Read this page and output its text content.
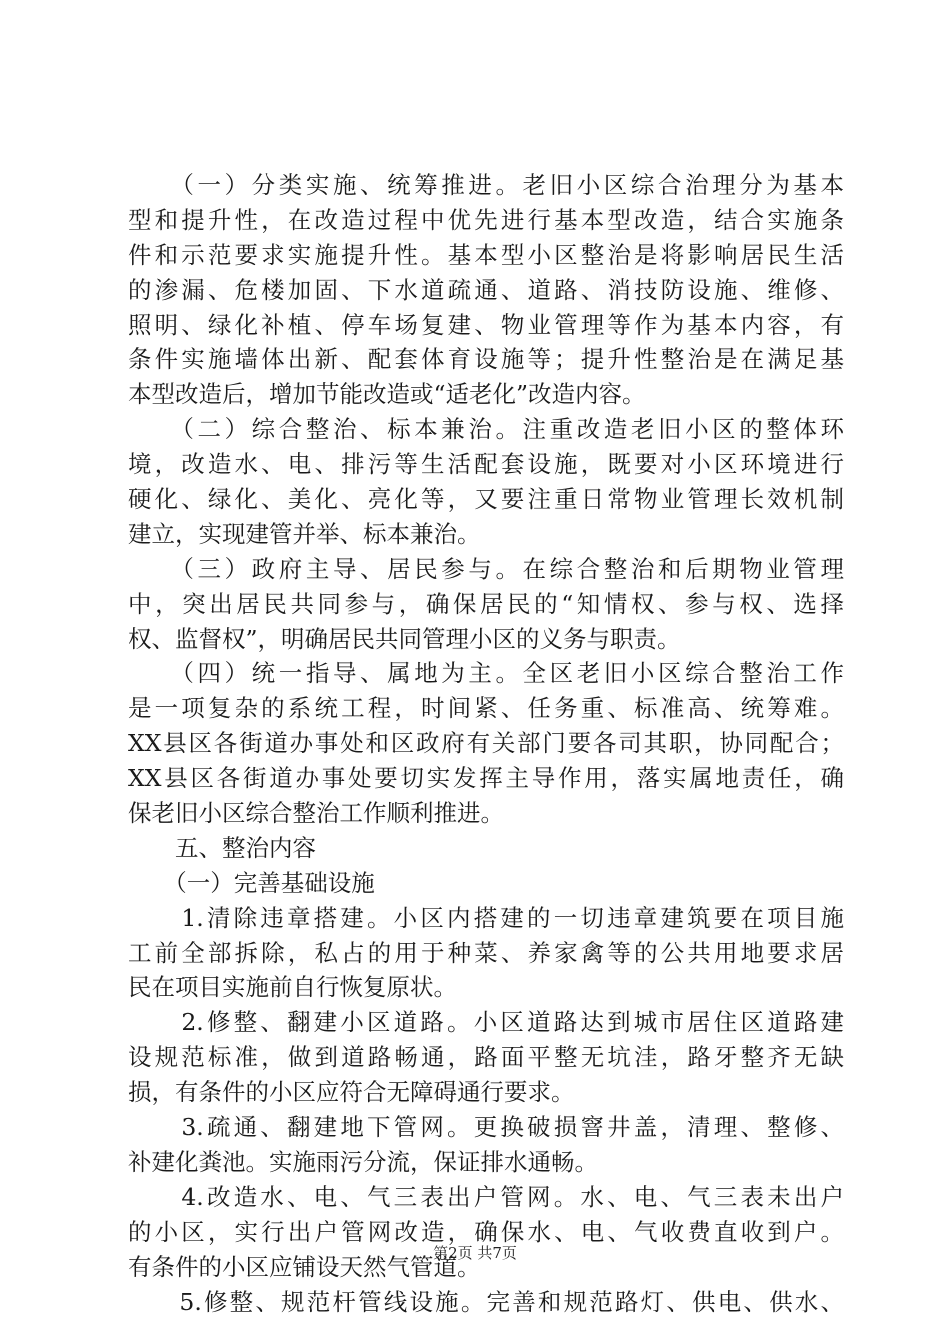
　　（一）分类实施、统筹推进。老旧小区综合治理分为基本
型和提升性，在改造过程中优先进行基本型改造，结合实施条
件和示范要求实施提升性。基本型小区整治是将影响居民生活
的渗漏、危楼加固、下水道疏通、道路、消技防设施、维修、
照明、绿化补植、停车场复建、物业管理等作为基本内容，有
条件实施墙体出新、配套体育设施等；提升性整治是在满足基
本型改造后，增加节能改造或“适老化”改造内容。
　　（二）综合整治、标本兼治。注重改造老旧小区的整体环
境，改造水、电、排污等生活配套设施，既要对小区环境进行
硬化、绿化、美化、亮化等，又要注重日常物业管理长效机制
建立，实现建管并举、标本兼治。
　　（三）政府主导、居民参与。在综合整治和后期物业管理
中，突出居民共同参与，确保居民的“知情权、参与权、选择
权、监督权”，明确居民共同管理小区的义务与职责。
　　（四）统一指导、属地为主。全区老旧小区综合整治工作
是一项复杂的系统工程，时间紧、任务重、标准高、统筹难。
XX县区各街道办事处和区政府有关部门要各司其职，协同配合；
XX县区各街道办事处要切实发挥主导作用，落实属地责任，确
保老旧小区综合整治工作顺利推进。
　　五、整治内容
　　（一）完善基础设施
　　1.清除违章搭建。小区内搭建的一切违章建筑要在项目施
工前全部拆除，私占的用于种菜、养家禽等的公共用地要求居
民在项目实施前自行恢复原状。
　　2.修整、翻建小区道路。小区道路达到城市居住区道路建
设规范标准，做到道路畅通，路面平整无坑洼，路牙整齐无缺
损，有条件的小区应符合无障碍通行要求。
　　3.疏通、翻建地下管网。更换破损窨井盖，清理、整修、
补建化粪池。实施雨污分流，保证排水通畅。
　　4.改造水、电、气三表出户管网。水、电、气三表未出户
的小区，实行出户管网改造，确保水、电、气收费直收到户。
有条件的小区应铺设天然气管道。
　　5.修整、规范杆管线设施。完善和规范路灯、供电、供水、
第2页 共7页
